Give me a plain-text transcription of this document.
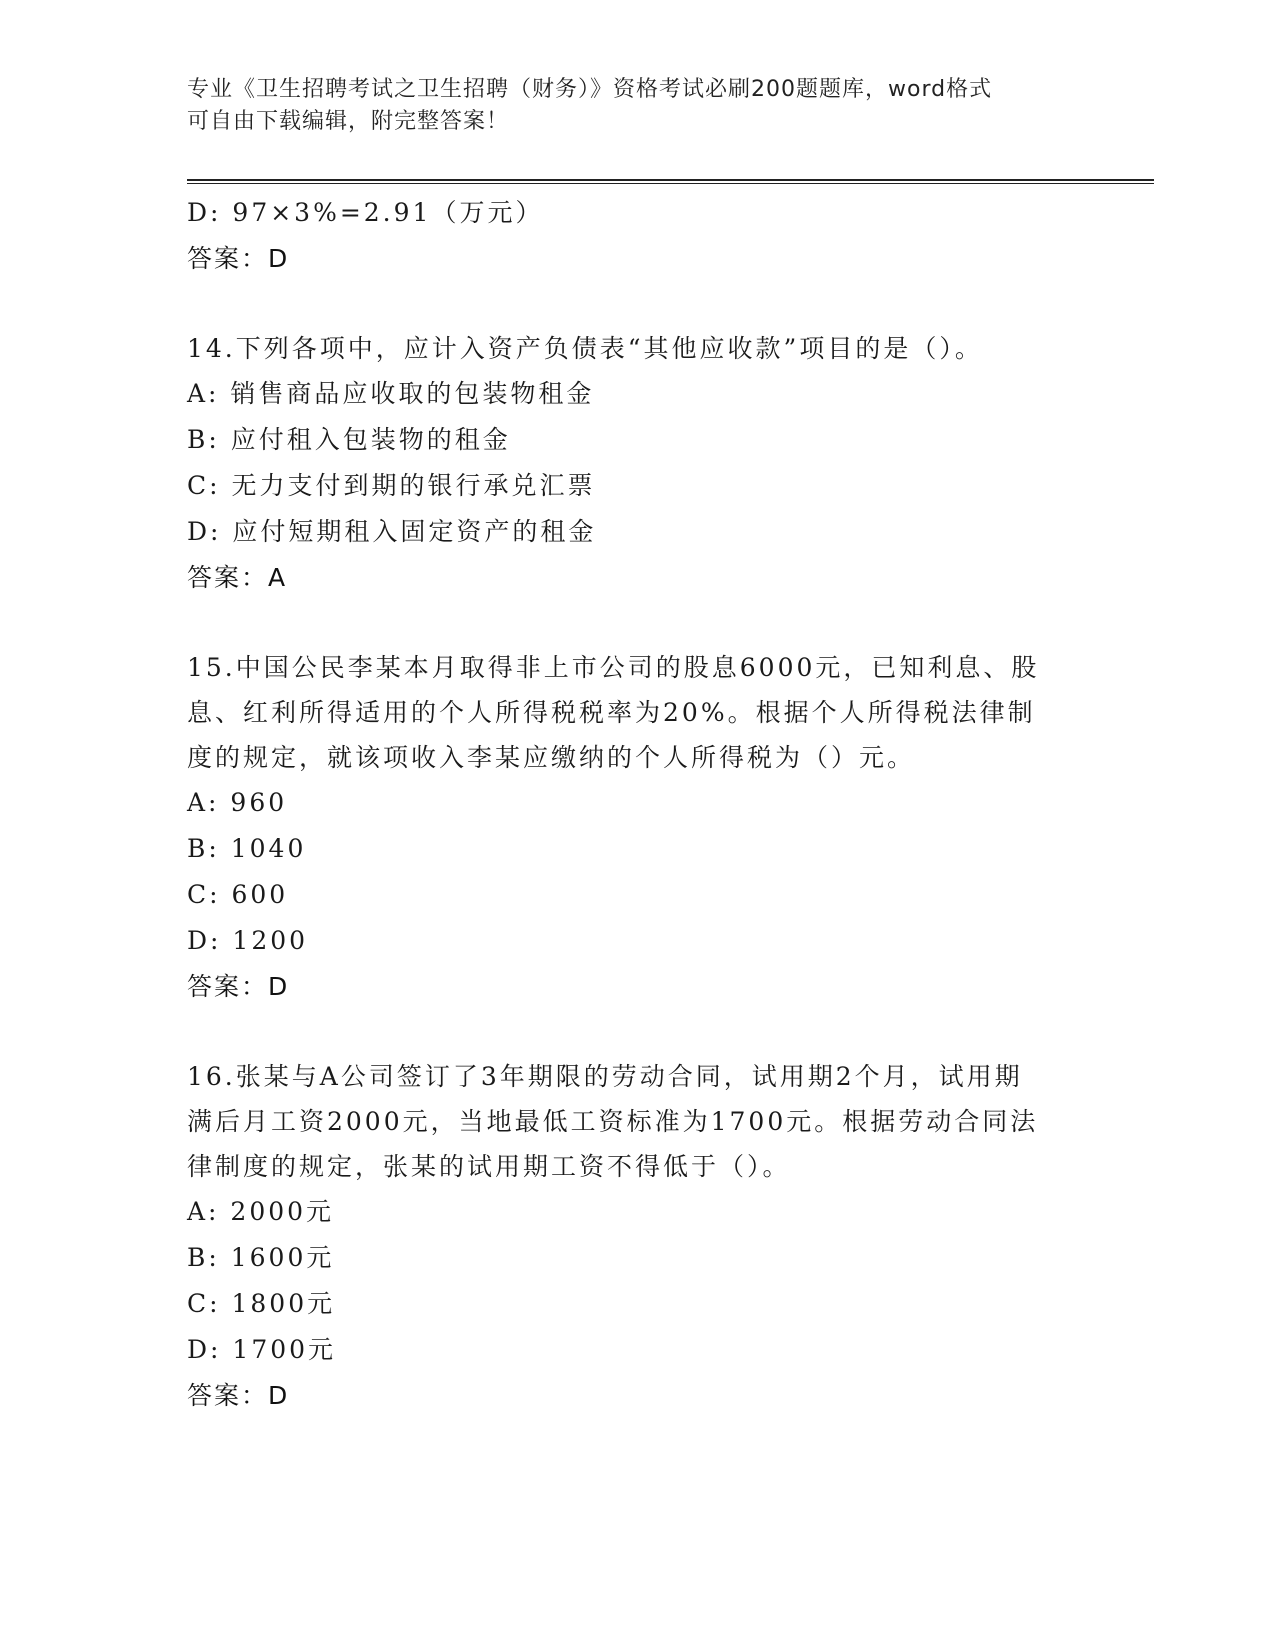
专业《卫生招聘考试之卫生招聘（财务）》资格考试必刷200题题库，word格式
可自由下载编辑，附完整答案！
D: 97×3%=2.91（万元）
答案：D
14.下列各项中，应计入资产负债表“其他应收款”项目的是（）。
A: 销售商品应收取的包装物租金
B: 应付租入包装物的租金
C: 无力支付到期的银行承兑汇票
D: 应付短期租入固定资产的租金
答案：A
15.中国公民李某本月取得非上市公司的股息6000元，已知利息、股
息、红利所得适用的个人所得税税率为20%。根据个人所得税法律制
度的规定，就该项收入李某应缴纳的个人所得税为（）元。
A: 960
B: 1040
C: 600
D: 1200
答案：D
16.张某与A公司签订了3年期限的劳动合同，试用期2个月，试用期
满后月工资2000元，当地最低工资标准为1700元。根据劳动合同法
律制度的规定，张某的试用期工资不得低于（）。
A: 2000元
B: 1600元
C: 1800元
D: 1700元
答案：D
